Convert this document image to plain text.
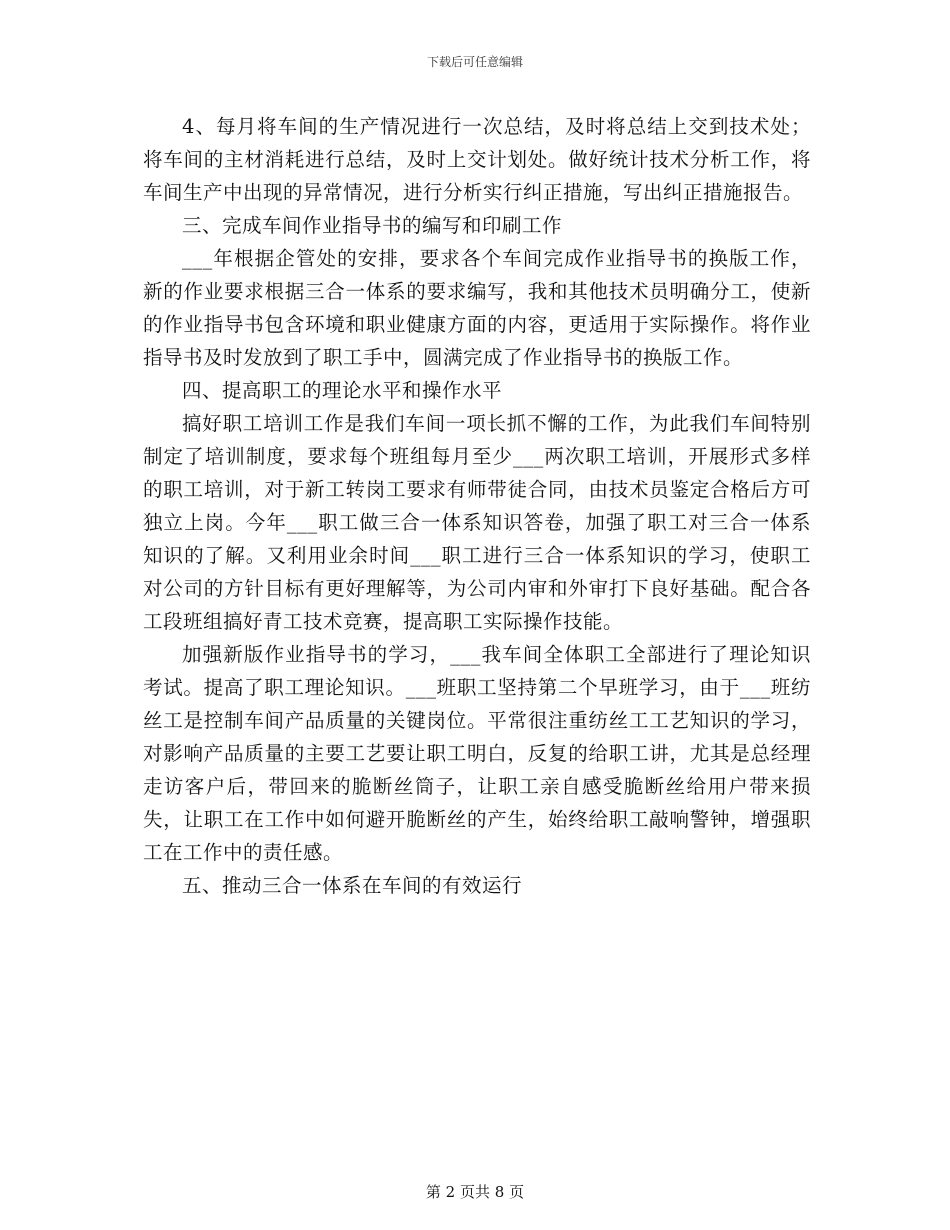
下载后可任意编辑

4、每月将车间的生产情况进行一次总结，及时将总结上交到技术处；将车间的主材消耗进行总结，及时上交计划处。做好统计技术分析工作，将车间生产中出现的异常情况，进行分析实行纠正措施，写出纠正措施报告。

三、完成车间作业指导书的编写和印刷工作

___年根据企管处的安排，要求各个车间完成作业指导书的换版工作，新的作业要求根据三合一体系的要求编写，我和其他技术员明确分工，使新的作业指导书包含环境和职业健康方面的内容，更适用于实际操作。将作业指导书及时发放到了职工手中，圆满完成了作业指导书的换版工作。

四、提高职工的理论水平和操作水平

搞好职工培训工作是我们车间一项长抓不懈的工作，为此我们车间特别制定了培训制度，要求每个班组每月至少___两次职工培训，开展形式多样的职工培训，对于新工转岗工要求有师带徒合同，由技术员鉴定合格后方可独立上岗。今年___职工做三合一体系知识答卷，加强了职工对三合一体系知识的了解。又利用业余时间___职工进行三合一体系知识的学习，使职工对公司的方针目标有更好理解等，为公司内审和外审打下良好基础。配合各工段班组搞好青工技术竞赛，提高职工实际操作技能。

加强新版作业指导书的学习，___我车间全体职工全部进行了理论知识考试。提高了职工理论知识。___班职工坚持第二个早班学习，由于___班纺丝工是控制车间产品质量的关键岗位。平常很注重纺丝工工艺知识的学习，对影响产品质量的主要工艺要让职工明白，反复的给职工讲，尤其是总经理走访客户后，带回来的脆断丝筒子，让职工亲自感受脆断丝给用户带来损失，让职工在工作中如何避开脆断丝的产生，始终给职工敲响警钟，增强职工在工作中的责任感。

五、推动三合一体系在车间的有效运行

第 2 页共 8 页
